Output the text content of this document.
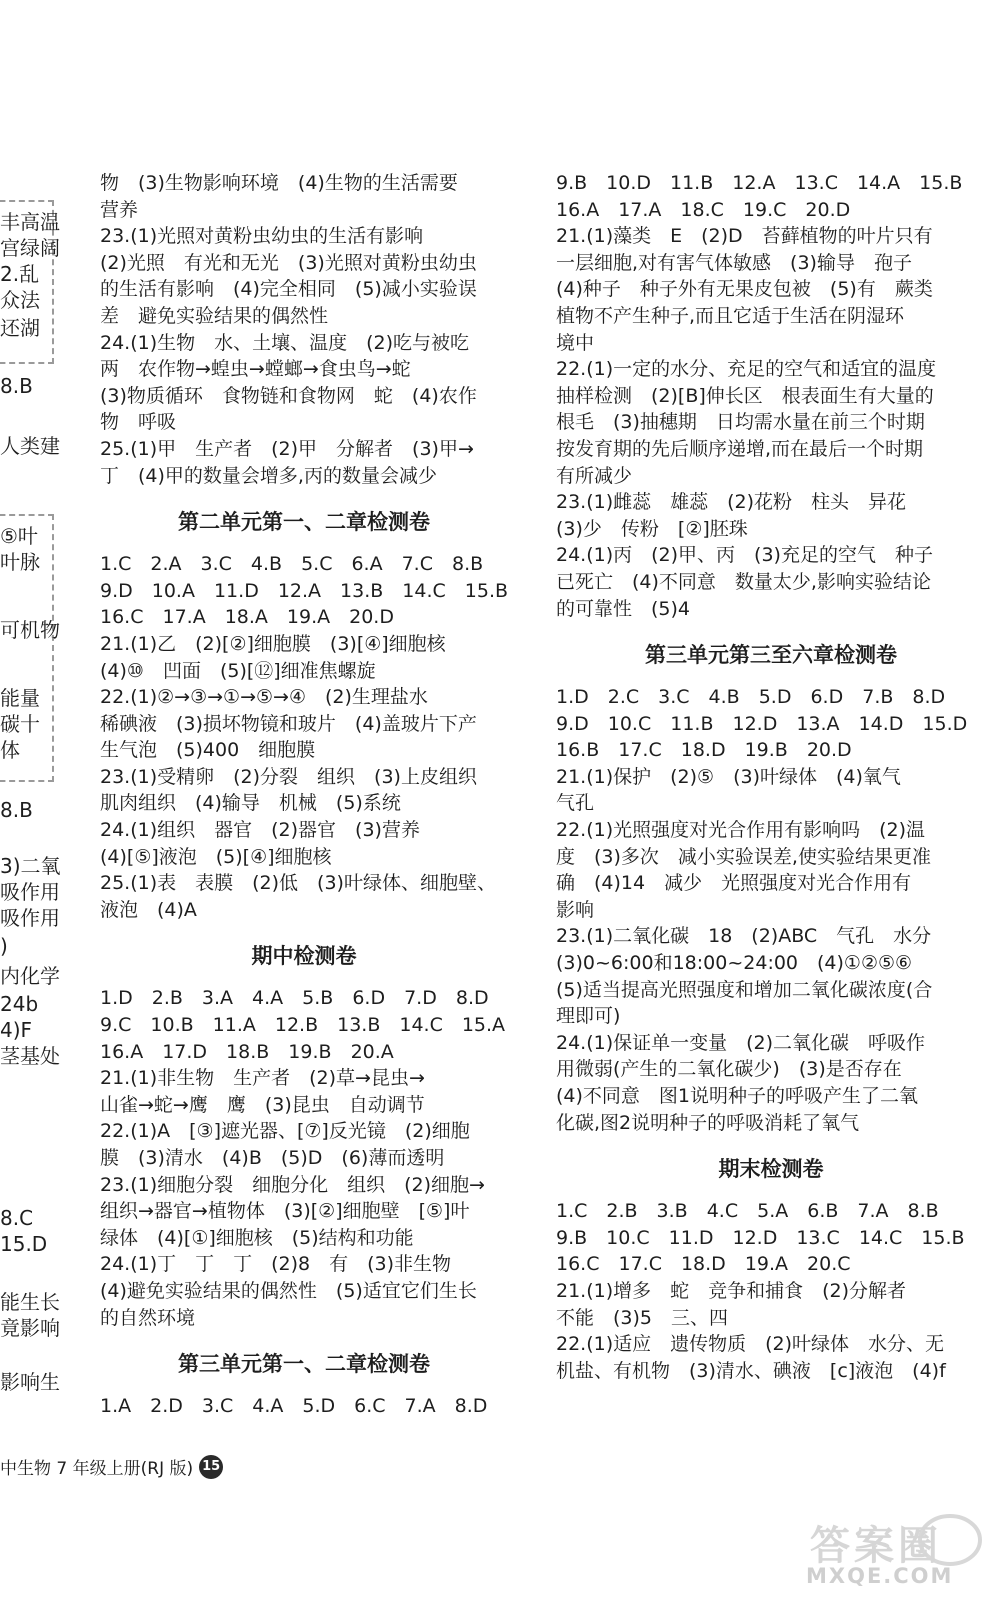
丰高温
宫绿阔
2.乱
众法
还湖
8.B
人类建
⑤叶
叶脉
可机物
能量
碳十
体
8.B
3)二氧
吸作用
吸作用
)
内化学
24b
4)F
茎基处
8.C
15.D
能生长
竟影响
影响生
物　(3)生物影响环境　(4)生物的生活需要
营养
23.(1)光照对黄粉虫幼虫的生活有影响
(2)光照　有光和无光　(3)光照对黄粉虫幼虫
的生活有影响　(4)完全相同　(5)减小实验误
差　避免实验结果的偶然性
24.(1)生物　水、土壤、温度　(2)吃与被吃
两　农作物→蝗虫→螳螂→食虫鸟→蛇
(3)物质循环　食物链和食物网　蛇　(4)农作
物　呼吸
25.(1)甲　生产者　(2)甲　分解者　(3)甲→
丁　(4)甲的数量会增多,丙的数量会减少
第二单元第一、二章检测卷
1.C　2.A　3.C　4.B　5.C　6.A　7.C　8.B
9.D　10.A　11.D　12.A　13.B　14.C　15.B
16.C　17.A　18.A　19.A　20.D
21.(1)乙　(2)[②]细胞膜　(3)[④]细胞核
(4)⑩　凹面　(5)[⑫]细准焦螺旋
22.(1)②→③→①→⑤→④　(2)生理盐水
稀碘液　(3)损坏物镜和玻片　(4)盖玻片下产
生气泡　(5)400　细胞膜
23.(1)受精卵　(2)分裂　组织　(3)上皮组织
肌肉组织　(4)输导　机械　(5)系统
24.(1)组织　器官　(2)器官　(3)营养
(4)[⑤]液泡　(5)[④]细胞核
25.(1)表　表膜　(2)低　(3)叶绿体、细胞壁、
液泡　(4)A
期中检测卷
1.D　2.B　3.A　4.A　5.B　6.D　7.D　8.D
9.C　10.B　11.A　12.B　13.B　14.C　15.A
16.A　17.D　18.B　19.B　20.A
21.(1)非生物　生产者　(2)草→昆虫→
山雀→蛇→鹰　鹰　(3)昆虫　自动调节
22.(1)A　[③]遮光器、[⑦]反光镜　(2)细胞
膜　(3)清水　(4)B　(5)D　(6)薄而透明
23.(1)细胞分裂　细胞分化　组织　(2)细胞→
组织→器官→植物体　(3)[②]细胞壁　[⑤]叶
绿体　(4)[①]细胞核　(5)结构和功能
24.(1)丁　丁　丁　(2)8　有　(3)非生物
(4)避免实验结果的偶然性　(5)适宜它们生长
的自然环境
第三单元第一、二章检测卷
1.A　2.D　3.C　4.A　5.D　6.C　7.A　8.D
9.B　10.D　11.B　12.A　13.C　14.A　15.B
16.A　17.A　18.C　19.C　20.D
21.(1)藻类　E　(2)D　苔藓植物的叶片只有
一层细胞,对有害气体敏感　(3)输导　孢子
(4)种子　种子外有无果皮包被　(5)有　蕨类
植物不产生种子,而且它适于生活在阴湿环
境中
22.(1)一定的水分、充足的空气和适宜的温度
抽样检测　(2)[B]伸长区　根表面生有大量的
根毛　(3)抽穗期　日均需水量在前三个时期
按发育期的先后顺序递增,而在最后一个时期
有所减少
23.(1)雌蕊　雄蕊　(2)花粉　柱头　异花
(3)少　传粉　[②]胚珠
24.(1)丙　(2)甲、丙　(3)充足的空气　种子
已死亡　(4)不同意　数量太少,影响实验结论
的可靠性　(5)4
第三单元第三至六章检测卷
1.D　2.C　3.C　4.B　5.D　6.D　7.B　8.D
9.D　10.C　11.B　12.D　13.A　14.D　15.D
16.B　17.C　18.D　19.B　20.D
21.(1)保护　(2)⑤　(3)叶绿体　(4)氧气
气孔
22.(1)光照强度对光合作用有影响吗　(2)温
度　(3)多次　减小实验误差,使实验结果更准
确　(4)14　减少　光照强度对光合作用有
影响
23.(1)二氧化碳　18　(2)ABC　气孔　水分
(3)0~6:00和18:00~24:00　(4)①②⑤⑥
(5)适当提高光照强度和增加二氧化碳浓度(合
理即可)
24.(1)保证单一变量　(2)二氧化碳　呼吸作
用微弱(产生的二氧化碳少)　(3)是否存在
(4)不同意　图1说明种子的呼吸产生了二氧
化碳,图2说明种子的呼吸消耗了氧气
期末检测卷
1.C　2.B　3.B　4.C　5.A　6.B　7.A　8.B
9.B　10.C　11.D　12.D　13.C　14.C　15.B
16.C　17.C　18.D　19.A　20.C
21.(1)增多　蛇　竞争和捕食　(2)分解者
不能　(3)5　三、四
22.(1)适应　遗传物质　(2)叶绿体　水分、无
机盐、有机物　(3)清水、碘液　[c]液泡　(4)f
中生物 7 年级上册(RJ 版) 15
答案圈
MXQE.COM
